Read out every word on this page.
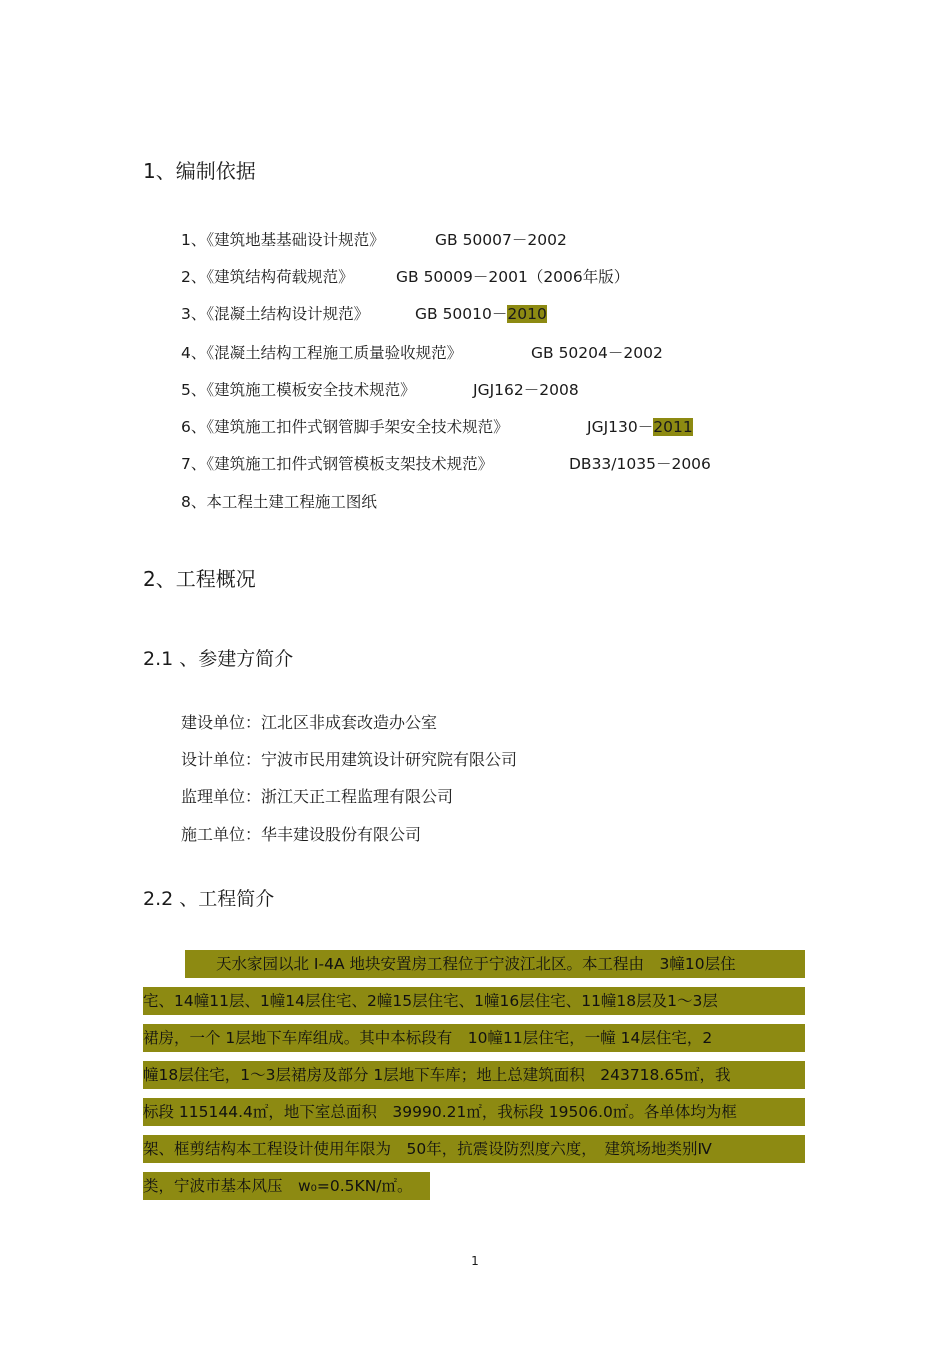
1、编制依据
1、《建筑地基基础设计规范》	GB 50007－2002
2、《建筑结构荷载规范》	GB 50009－2001（2006年版）
3、《混凝土结构设计规范》	GB 50010－2010
4、《混凝土结构工程施工质量验收规范》	GB 50204－2002
5、《建筑施工模板安全技术规范》	JGJ162－2008
6、《建筑施工扣件式钢管脚手架安全技术规范》	JGJ130－2011
7、《建筑施工扣件式钢管模板支架技术规范》	DB33/1035－2006
8、本工程土建工程施工图纸
2、工程概况
2.1 、参建方简介
建设单位：江北区非成套改造办公室
设计单位：宁波市民用建筑设计研究院有限公司
监理单位：浙江天正工程监理有限公司
施工单位：华丰建设股份有限公司
2.2 、工程简介
　　天水家园以北 I-4A 地块安置房工程位于宁波江北区。本工程由　3幢10层住
宅、14幢11层、1幢14层住宅、2幢15层住宅、1幢16层住宅、11幢18层及1～3层
裙房，一个 1层地下车库组成。其中本标段有　10幢11层住宅，一幢 14层住宅，2
幢18层住宅，1～3层裙房及部分 1层地下车库；地上总建筑面积　243718.65㎡，我
标段 115144.4㎡，地下室总面积　39990.21㎡，我标段 19506.0㎡。各单体均为框
架、框剪结构本工程设计使用年限为　50年，抗震设防烈度六度，　建筑场地类别Ⅳ
类，宁波市基本风压　w₀=0.5KN/㎡。
1
